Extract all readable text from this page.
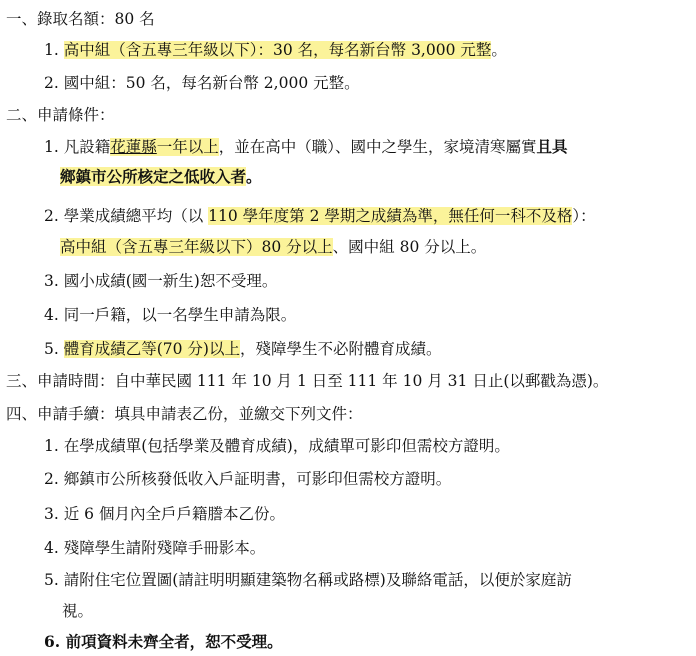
一、錄取名額：80 名
1. 高中組（含五專三年級以下）：30 名，每名新台幣 3,000 元整。
2. 國中組：50 名，每名新台幣 2,000 元整。
二、申請條件：
1. 凡設籍花蓮縣一年以上，並在高中（職）、國中之學生，家境清寒屬實且具
鄉鎮市公所核定之低收入者。
2. 學業成績總平均（以 110 學年度第 2 學期之成績為準，無任何一科不及格）：
高中組（含五專三年級以下）80 分以上、國中組 80 分以上。
3. 國小成績(國一新生)恕不受理。
4. 同一戶籍，以一名學生申請為限。
5. 體育成績乙等(70 分)以上，殘障學生不必附體育成績。
三、申請時間：自中華民國 111 年 10 月 1 日至 111 年 10 月 31 日止(以郵戳為憑)。
四、申請手續：填具申請表乙份，並繳交下列文件：
1. 在學成績單(包括學業及體育成績)，成績單可影印但需校方證明。
2. 鄉鎮市公所核發低收入戶証明書，可影印但需校方證明。
3. 近 6 個月內全戶戶籍謄本乙份。
4. 殘障學生請附殘障手冊影本。
5. 請附住宅位置圖(請註明明顯建築物名稱或路標)及聯絡電話，以便於家庭訪
視。
6. 前項資料未齊全者，恕不受理。
